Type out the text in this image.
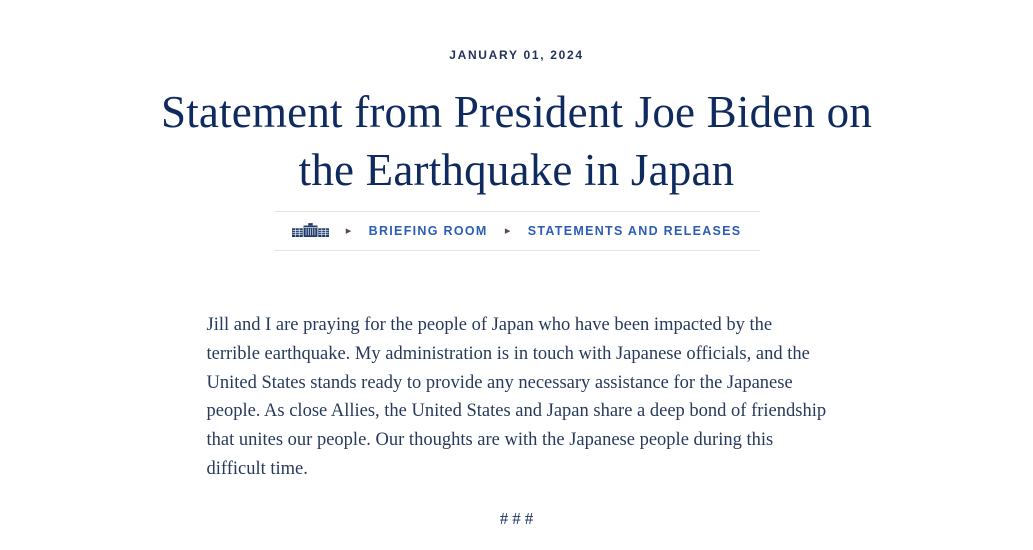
JANUARY 01, 2024
Statement from President Joe Biden on
the Earthquake in Japan
▸ BRIEFING ROOM ▸ STATEMENTS AND RELEASES

Jill and I are praying for the people of Japan who have been impacted by the terrible earthquake. My administration is in touch with Japanese officials, and the United States stands ready to provide any necessary assistance for the Japanese people. As close Allies, the United States and Japan share a deep bond of friendship that unites our people. Our thoughts are with the Japanese people during this difficult time.

###
